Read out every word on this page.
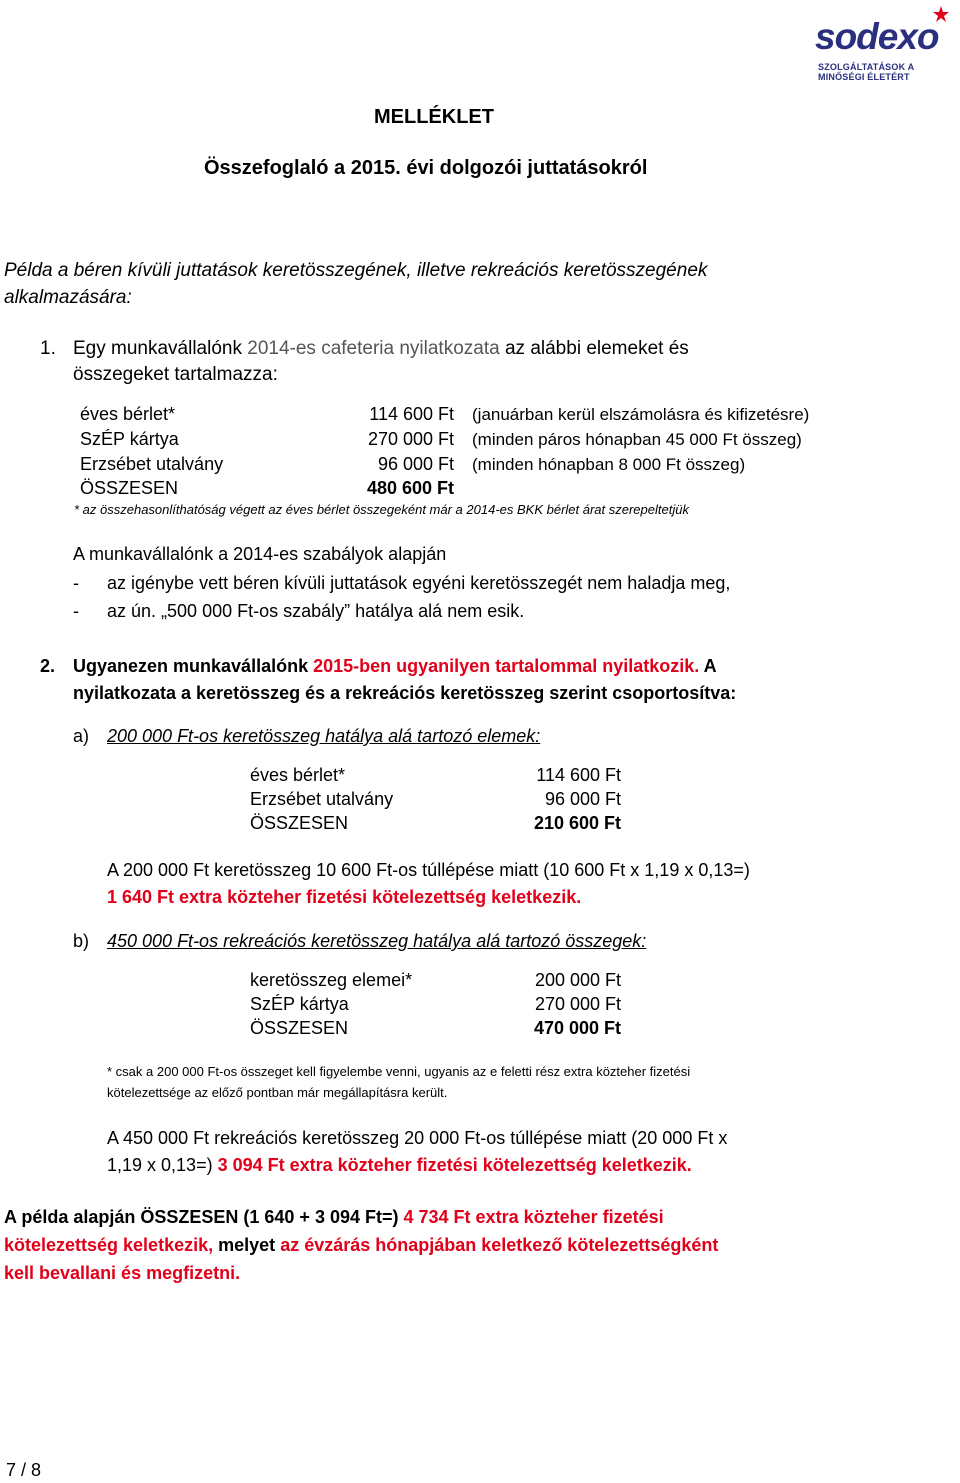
sodexo
SZOLGÁLTATÁSOK A MINŐSÉGI ÉLETÉRT
MELLÉKLET
Összefoglaló a 2015. évi dolgozói juttatásokról
Példa a béren kívüli juttatások keretösszegének, illetve rekreációs keretösszegének
alkalmazására:
1. Egy munkavállalónk 2014-es cafeteria nyilatkozata az alábbi elemeket és
összegeket tartalmazza:
éves bérlet*	114 600 Ft (januárban kerül elszámolásra és kifizetésre)
SzÉP kártya	270 000 Ft (minden páros hónapban 45 000 Ft összeg)
Erzsébet utalvány	96 000 Ft (minden hónapban 8 000 Ft összeg)
ÖSSZESEN	480 600 Ft
* az összehasonlíthatóság végett az éves bérlet összegeként már a 2014-es BKK bérlet árat szerepeltetjük
A munkavállalónk a 2014-es szabályok alapján
- az igénybe vett béren kívüli juttatások egyéni keretösszegét nem haladja meg,
- az ún. „500 000 Ft-os szabály” hatálya alá nem esik.
2. Ugyanezen munkavállalónk 2015-ben ugyanilyen tartalommal nyilatkozik. A
nyilatkozata a keretösszeg és a rekreációs keretösszeg szerint csoportosítva:
a) 200 000 Ft-os keretösszeg hatálya alá tartozó elemek:
éves bérlet*	114 600 Ft
Erzsébet utalvány	96 000 Ft
ÖSSZESEN	210 600 Ft
A 200 000 Ft keretösszeg 10 600 Ft-os túllépése miatt (10 600 Ft x 1,19 x 0,13=)
1 640 Ft extra közteher fizetési kötelezettség keletkezik.
b) 450 000 Ft-os rekreációs keretösszeg hatálya alá tartozó összegek:
keretösszeg elemei*	200 000 Ft
SzÉP kártya	270 000 Ft
ÖSSZESEN	470 000 Ft
* csak a 200 000 Ft-os összeget kell figyelembe venni, ugyanis az e feletti rész extra közteher fizetési
kötelezettsége az előző pontban már megállapításra került.
A 450 000 Ft rekreációs keretösszeg 20 000 Ft-os túllépése miatt (20 000 Ft x
1,19 x 0,13=) 3 094 Ft extra közteher fizetési kötelezettség keletkezik.
A példa alapján ÖSSZESEN (1 640 + 3 094 Ft=) 4 734 Ft extra közteher fizetési
kötelezettség keletkezik, melyet az évzárás hónapjában keletkező kötelezettségként
kell bevallani és megfizetni.
7 / 8
